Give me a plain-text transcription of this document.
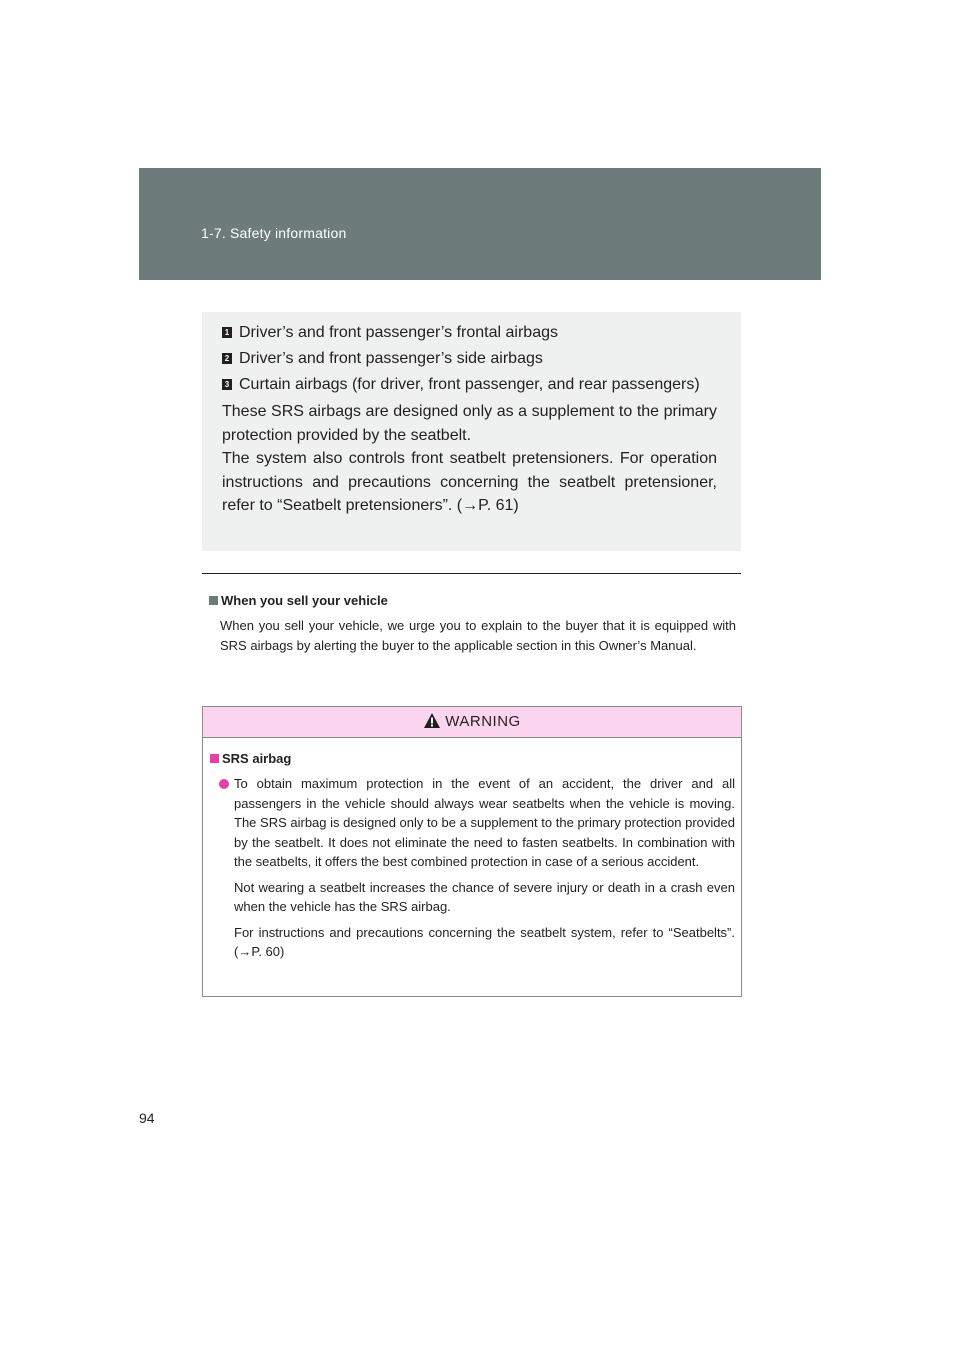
1-7. Safety information
1 Driver’s and front passenger’s frontal airbags
2 Driver’s and front passenger’s side airbags
3 Curtain airbags (for driver, front passenger, and rear passengers)
These SRS airbags are designed only as a supplement to the primary protection provided by the seatbelt.
The system also controls front seatbelt pretensioners. For operation instructions and precautions concerning the seatbelt pretensioner, refer to “Seatbelt pretensioners”. (→P. 61)
When you sell your vehicle
When you sell your vehicle, we urge you to explain to the buyer that it is equipped with SRS airbags by alerting the buyer to the applicable section in this Owner’s Manual.
WARNING
SRS airbag
To obtain maximum protection in the event of an accident, the driver and all passengers in the vehicle should always wear seatbelts when the vehicle is moving. The SRS airbag is designed only to be a supplement to the primary protection provided by the seatbelt. It does not eliminate the need to fasten seatbelts. In combination with the seatbelts, it offers the best combined protection in case of a serious accident.
Not wearing a seatbelt increases the chance of severe injury or death in a crash even when the vehicle has the SRS airbag.
For instructions and precautions concerning the seatbelt system, refer to “Seatbelts”. (→P. 60)
94
